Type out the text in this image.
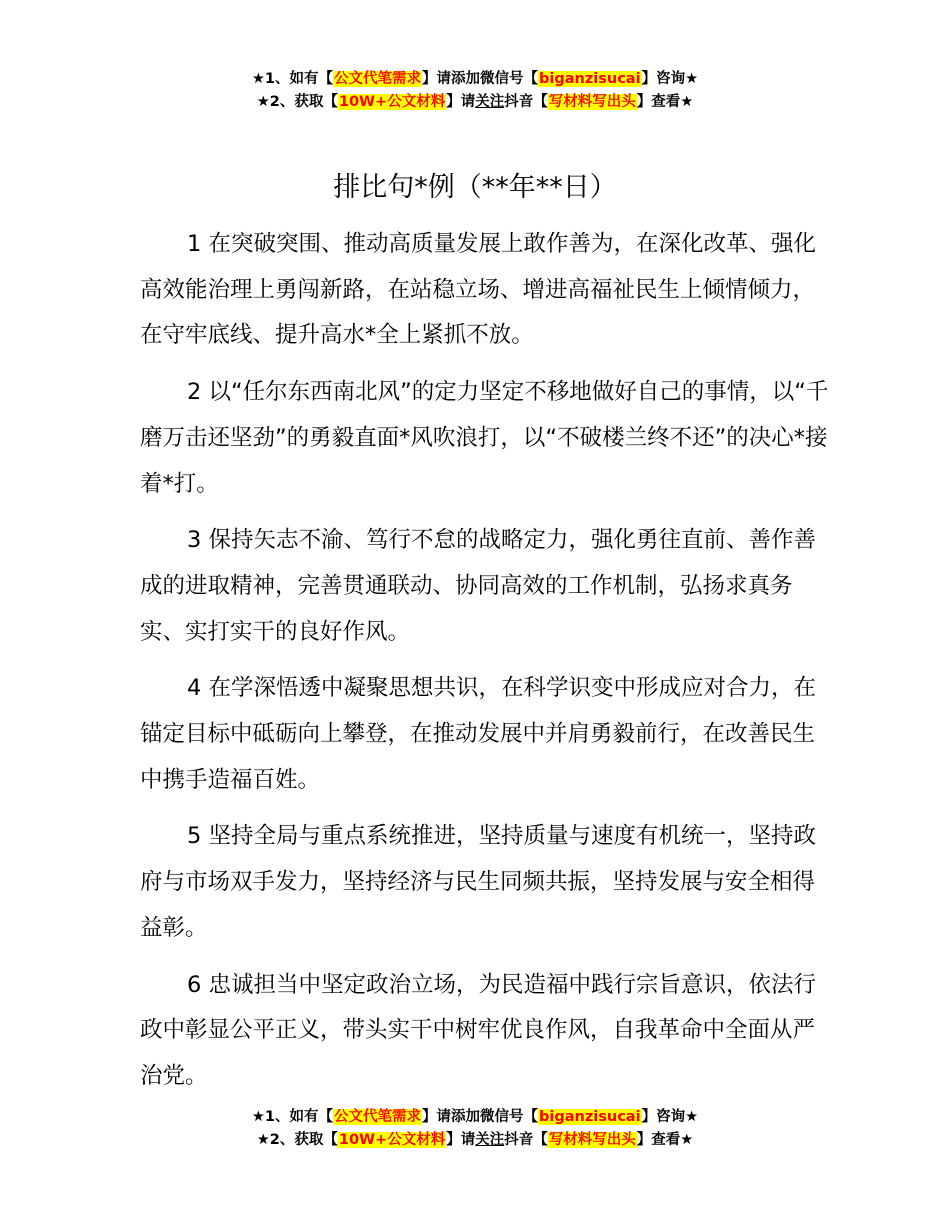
★1、如有【公文代笔需求】请添加微信号【biganzisucai】咨询★
★2、获取【10W+公文材料】请关注抖音【写材料写出头】查看★
排比句*例（**年**日）

1 在突破突围、推动高质量发展上敢作善为，在深化改革、强化高效能治理上勇闯新路，在站稳立场、增进高福祉民生上倾情倾力，在守牢底线、提升高水*全上紧抓不放。

2 以“任尔东西南北风”的定力坚定不移地做好自己的事情，以“千磨万击还坚劲”的勇毅直面*风吹浪打，以“不破楼兰终不还”的决心*接着*打。

3 保持矢志不渝、笃行不怠的战略定力，强化勇往直前、善作善成的进取精神，完善贯通联动、协同高效的工作机制，弘扬求真务实、实打实干的良好作风。

4 在学深悟透中凝聚思想共识，在科学识变中形成应对合力，在锚定目标中砥砺向上攀登，在推动发展中并肩勇毅前行，在改善民生中携手造福百姓。

5 坚持全局与重点系统推进，坚持质量与速度有机统一，坚持政府与市场双手发力，坚持经济与民生同频共振，坚持发展与安全相得益彰。

6 忠诚担当中坚定政治立场，为民造福中践行宗旨意识，依法行政中彰显公平正义，带头实干中树牢优良作风，自我革命中全面从严治党。

★1、如有【公文代笔需求】请添加微信号【biganzisucai】咨询★
★2、获取【10W+公文材料】请关注抖音【写材料写出头】查看★
